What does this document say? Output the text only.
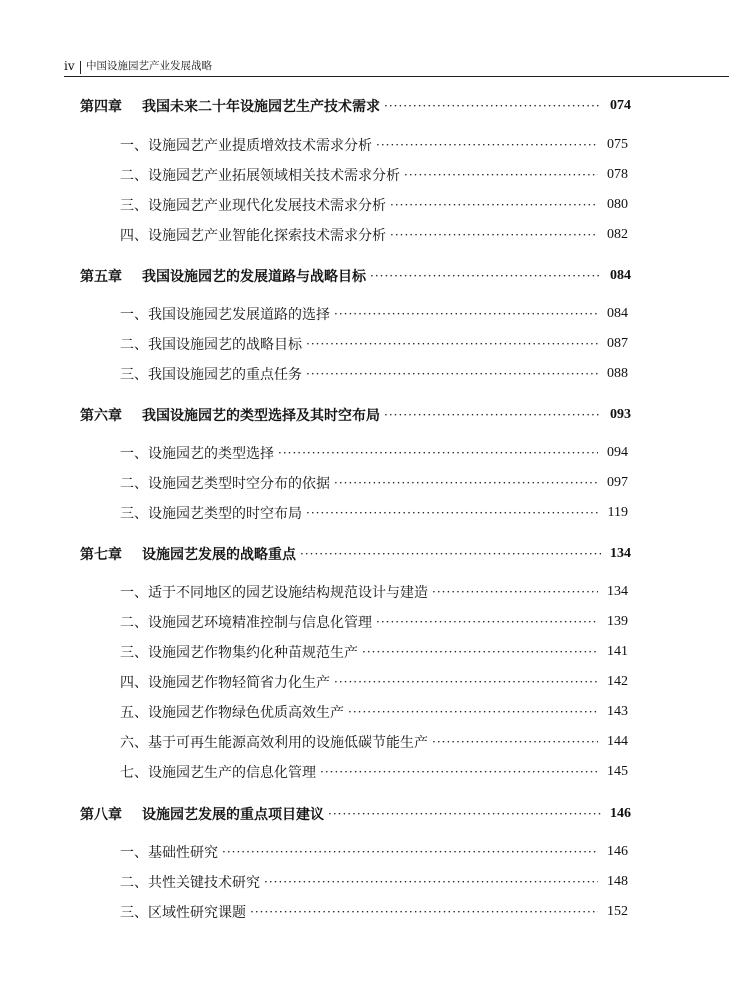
iv 中国设施园艺产业发展战略
第四章	我国未来二十年设施园艺生产技术需求 ·····	074
一、设施园艺产业提质增效技术需求分析 ·····	075
二、设施园艺产业拓展领域相关技术需求分析 ·····	078
三、设施园艺产业现代化发展技术需求分析 ·····	080
四、设施园艺产业智能化探索技术需求分析 ·····	082
第五章	我国设施园艺的发展道路与战略目标 ·····	084
一、我国设施园艺发展道路的选择 ·····	084
二、我国设施园艺的战略目标 ·····	087
三、我国设施园艺的重点任务 ·····	088
第六章	我国设施园艺的类型选择及其时空布局 ·····	093
一、设施园艺的类型选择 ·····	094
二、设施园艺类型时空分布的依据 ·····	097
三、设施园艺类型的时空布局 ·····	119
第七章	设施园艺发展的战略重点 ·····	134
一、适于不同地区的园艺设施结构规范设计与建造 ·····	134
二、设施园艺环境精准控制与信息化管理 ·····	139
三、设施园艺作物集约化种苗规范生产 ·····	141
四、设施园艺作物轻简省力化生产 ·····	142
五、设施园艺作物绿色优质高效生产 ·····	143
六、基于可再生能源高效利用的设施低碳节能生产 ·····	144
七、设施园艺生产的信息化管理 ·····	145
第八章	设施园艺发展的重点项目建议 ·····	146
一、基础性研究 ·····	146
二、共性关键技术研究 ·····	148
三、区域性研究课题 ·····	152
